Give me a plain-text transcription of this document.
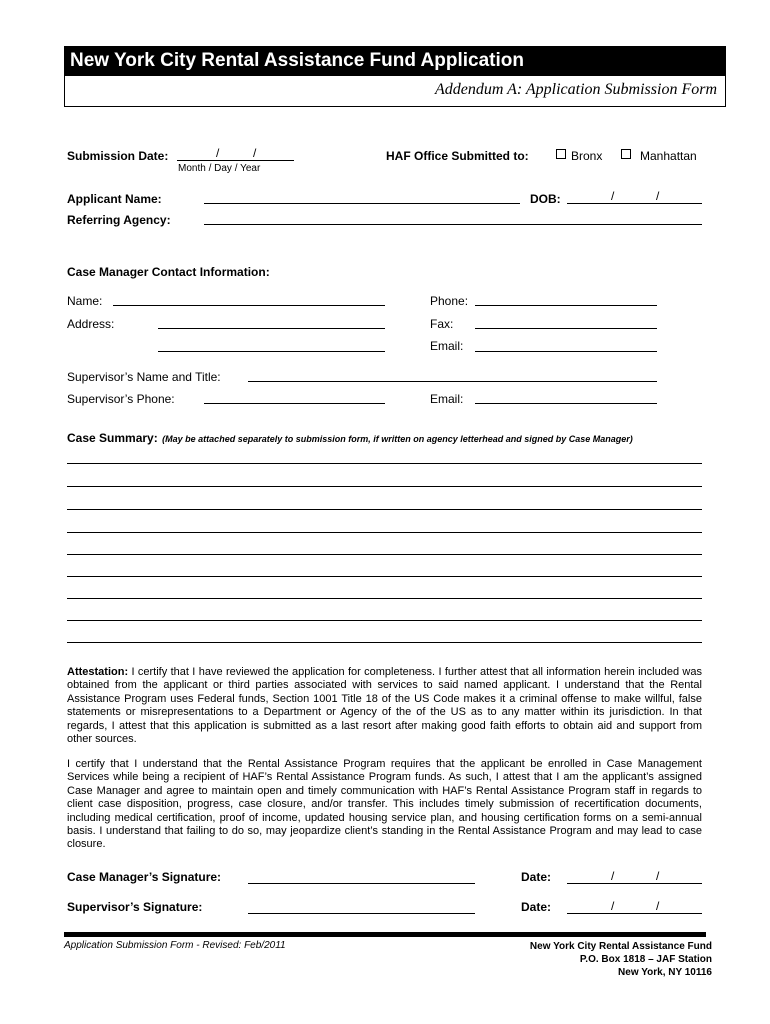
New York City Rental Assistance Fund Application
Addendum A: Application Submission Form
Submission Date:	/	/
Month / Day / Year
HAF Office Submitted to:	Bronx	Manhattan
Applicant Name:	DOB:	/	/
Referring Agency:
Case Manager Contact Information:
Name:	Phone:
Address:	Fax:
Email:
Supervisor’s Name and Title:
Supervisor’s Phone:	Email:
Case Summary: (May be attached separately to submission form, if written on agency letterhead and signed by Case Manager)
Attestation: I certify that I have reviewed the application for completeness. I further attest that all information herein included was obtained from the applicant or third parties associated with services to said named applicant. I understand that the Rental Assistance Program uses Federal funds, Section 1001 Title 18 of the US Code makes it a criminal offense to make willful, false statements or misrepresentations to a Department or Agency of the of the US as to any matter within its jurisdiction. In that regards, I attest that this application is submitted as a last resort after making good faith efforts to obtain aid and support from other sources.
I certify that I understand that the Rental Assistance Program requires that the applicant be enrolled in Case Management Services while being a recipient of HAF’s Rental Assistance Program funds. As such, I attest that I am the applicant’s assigned Case Manager and agree to maintain open and timely communication with HAF’s Rental Assistance Program staff in regards to client case disposition, progress, case closure, and/or transfer. This includes timely submission of recertification documents, including medical certification, proof of income, updated housing service plan, and housing certification forms on a semi-annual basis. I understand that failing to do so, may jeopardize client’s standing in the Rental Assistance Program and may lead to case closure.
Case Manager’s Signature:	Date:	/	/
Supervisor’s Signature:	Date:	/	/
Application Submission Form - Revised: Feb/2011	New York City Rental Assistance Fund
P.O. Box 1818 – JAF Station
New York, NY 10116
